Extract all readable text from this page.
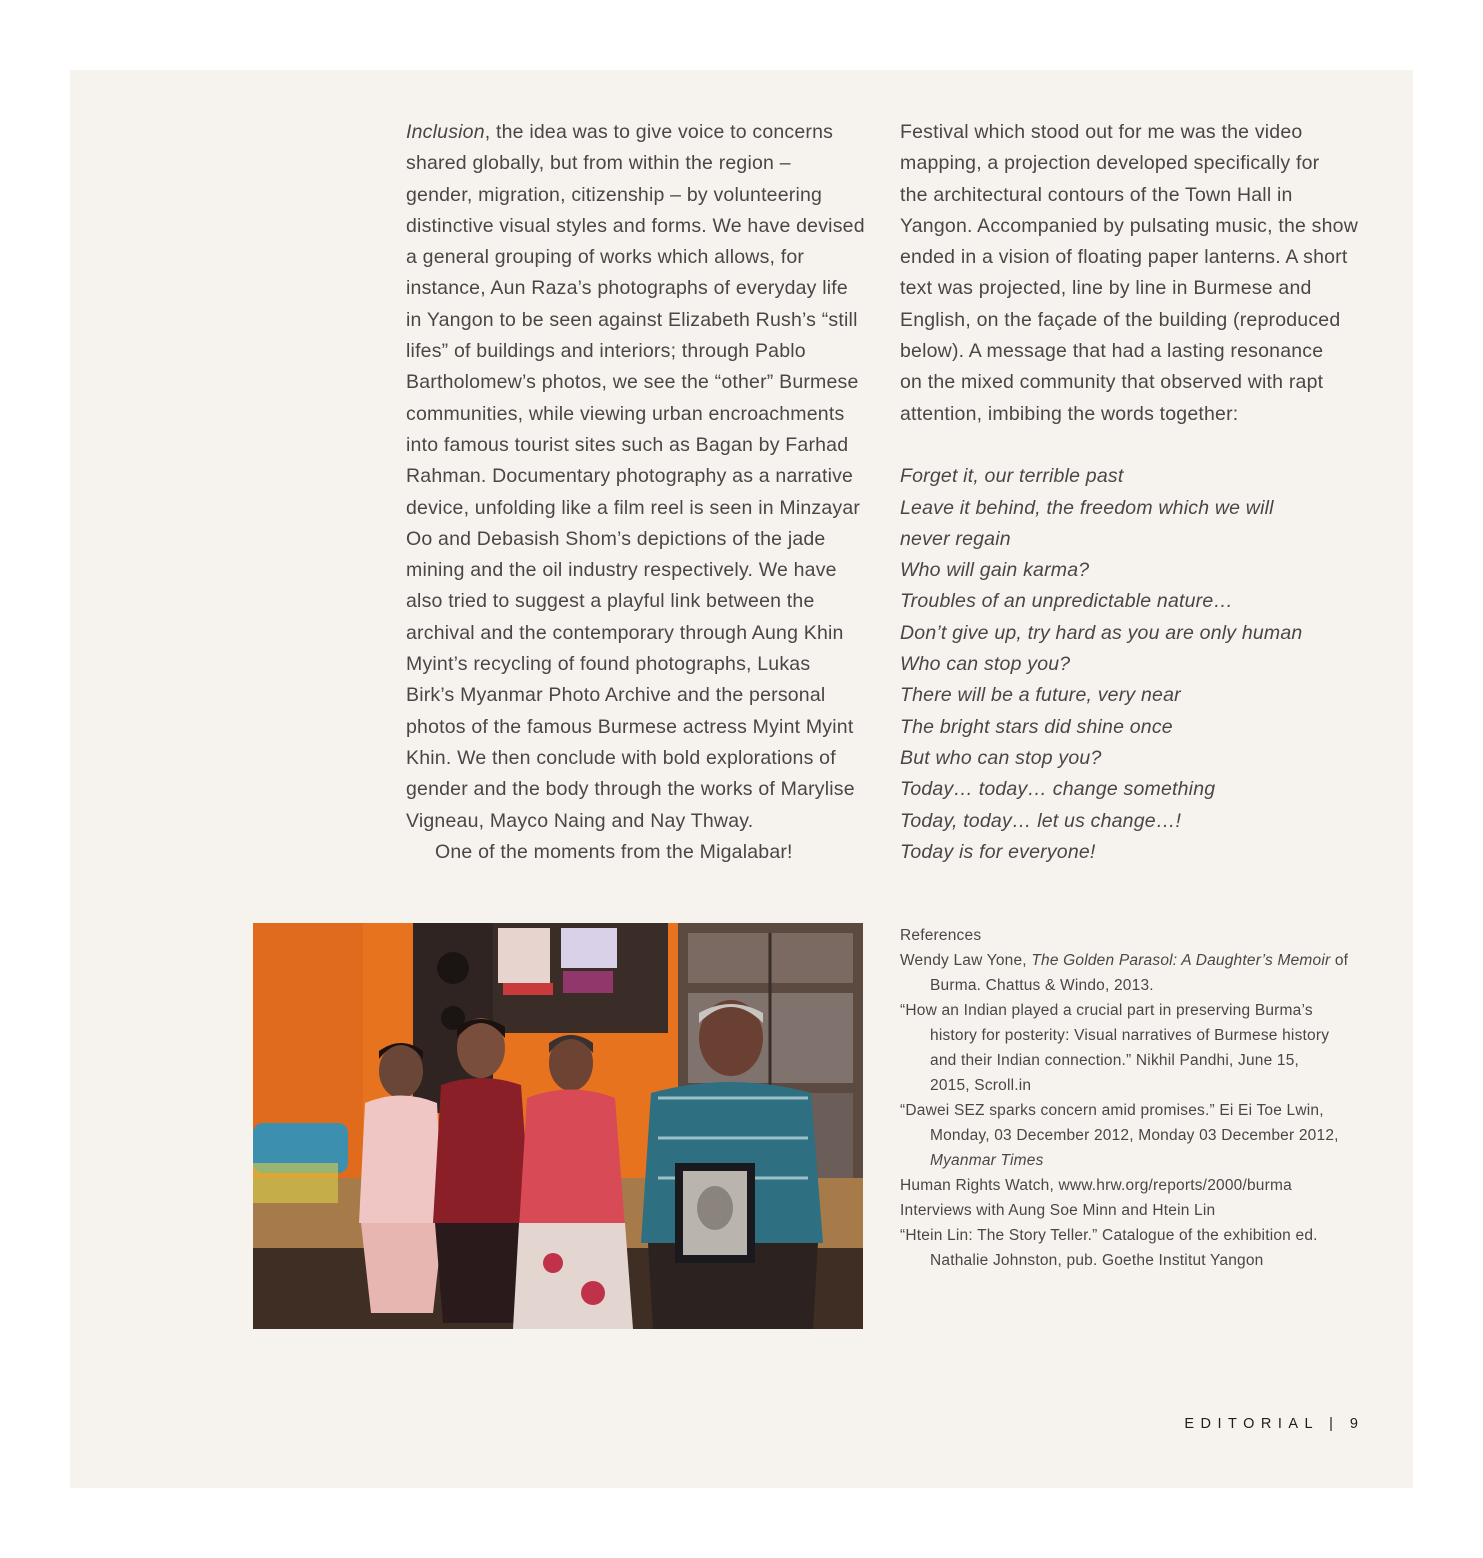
Inclusion, the idea was to give voice to concerns
shared globally, but from within the region –
gender, migration, citizenship – by volunteering
distinctive visual styles and forms. We have devised
a general grouping of works which allows, for
instance, Aun Raza’s photographs of everyday life
in Yangon to be seen against Elizabeth Rush’s “still
lifes” of buildings and interiors; through Pablo
Bartholomew’s photos, we see the “other” Burmese
communities, while viewing urban encroachments
into famous tourist sites such as Bagan by Farhad
Rahman. Documentary photography as a narrative
device, unfolding like a film reel is seen in Minzayar
Oo and Debasish Shom’s depictions of the jade
mining and the oil industry respectively. We have
also tried to suggest a playful link between the
archival and the contemporary through Aung Khin
Myint’s recycling of found photographs, Lukas
Birk’s Myanmar Photo Archive and the personal
photos of the famous Burmese actress Myint Myint
Khin. We then conclude with bold explorations of
gender and the body through the works of Marylise
Vigneau, Mayco Naing and Nay Thway.
One of the moments from the Migalabar!
Festival which stood out for me was the video
mapping, a projection developed specifically for
the architectural contours of the Town Hall in
Yangon. Accompanied by pulsating music, the show
ended in a vision of floating paper lanterns. A short
text was projected, line by line in Burmese and
English, on the façade of the building (reproduced
below). A message that had a lasting resonance
on the mixed community that observed with rapt
attention, imbibing the words together:
Forget it, our terrible past
Leave it behind, the freedom which we will
never regain
Who will gain karma?
Troubles of an unpredictable nature…
Don’t give up, try hard as you are only human
Who can stop you?
There will be a future, very near
The bright stars did shine once
But who can stop you?
Today… today… change something
Today, today… let us change…!
Today is for everyone!
References
Wendy Law Yone, The Golden Parasol: A Daughter’s Memoir of
Burma. Chattus & Windo, 2013.
“How an Indian played a crucial part in preserving Burma’s
history for posterity: Visual narratives of Burmese history
and their Indian connection.” Nikhil Pandhi, June 15,
2015, Scroll.in
“Dawei SEZ sparks concern amid promises.” Ei Ei Toe Lwin,
Monday, 03 December 2012, Monday 03 December 2012,
Myanmar Times
Human Rights Watch, www.hrw.org/reports/2000/burma
Interviews with Aung Soe Minn and Htein Lin
“Htein Lin: The Story Teller.” Catalogue of the exhibition ed.
Nathalie Johnston, pub. Goethe Institut Yangon
EDITORIAL | 9
